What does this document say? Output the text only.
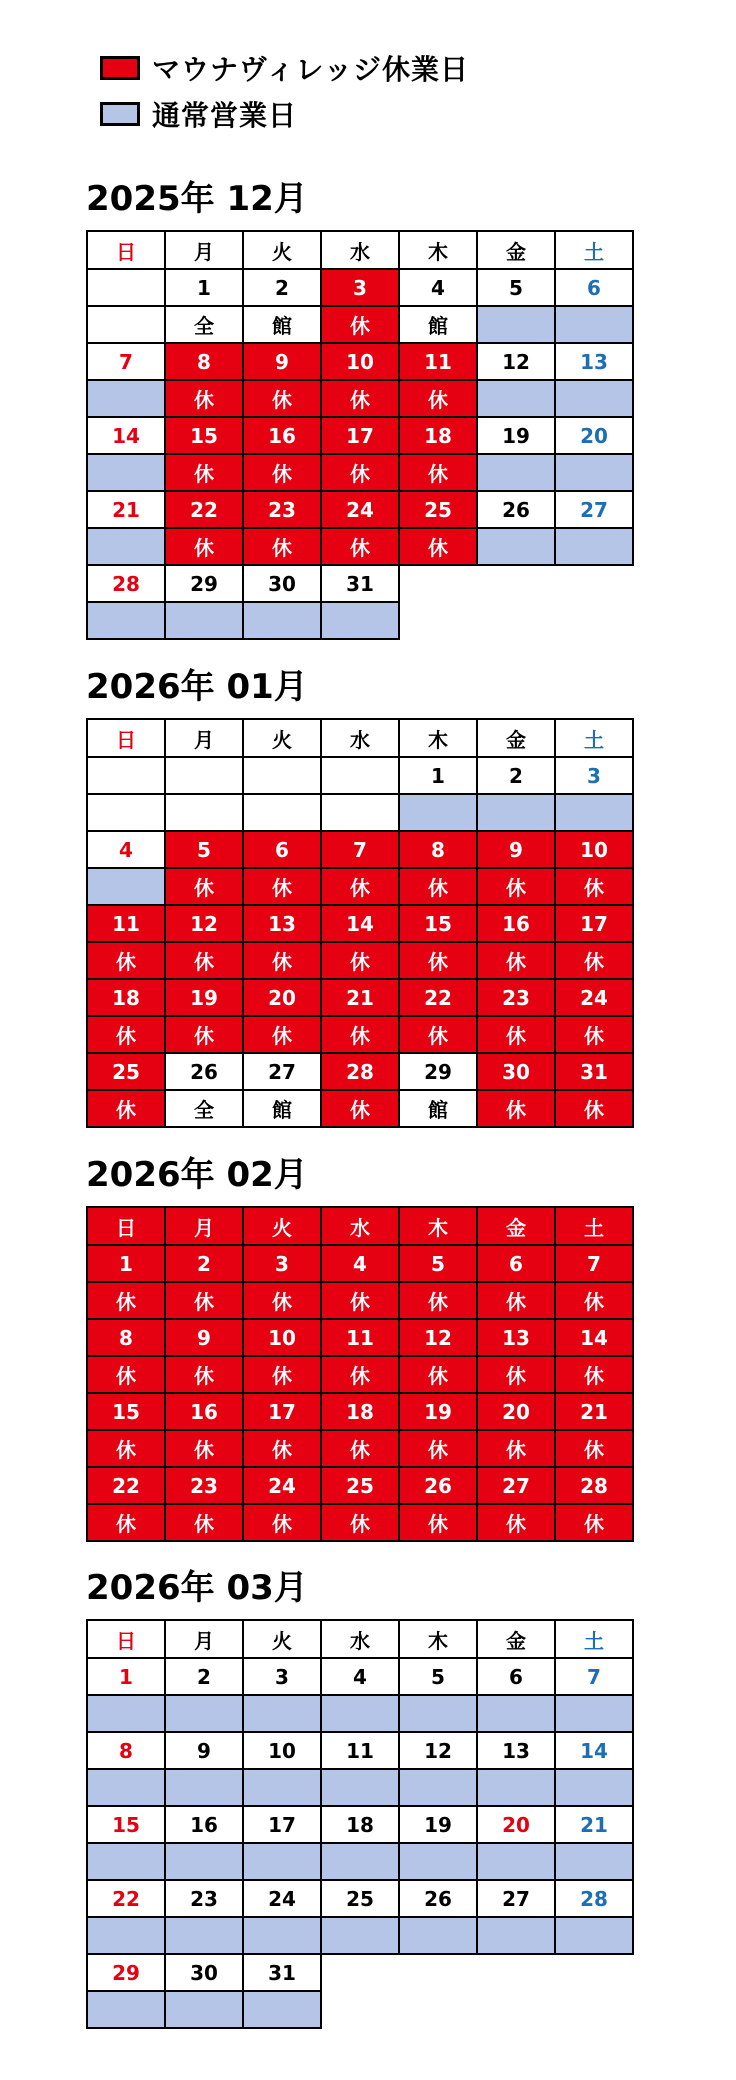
マウナヴィレッジ休業日
通常営業日
2025年 12月
日	月	火	水	木	金	土
	1	2	3	4	5	6
	全	館	休	館		
7	8	9	10	11	12	13
	休	休	休	休		
14	15	16	17	18	19	20
	休	休	休	休		
21	22	23	24	25	26	27
	休	休	休	休		
28	29	30	31			

2026年 01月
日	月	火	水	木	金	土
				1	2	3

4	5	6	7	8	9	10
	休	休	休	休	休	休
11	12	13	14	15	16	17
休	休	休	休	休	休	休
18	19	20	21	22	23	24
休	休	休	休	休	休	休
25	26	27	28	29	30	31
休	全	館	休	館	休	休
2026年 02月
日	月	火	水	木	金	土
1	2	3	4	5	6	7
休	休	休	休	休	休	休
8	9	10	11	12	13	14
休	休	休	休	休	休	休
15	16	17	18	19	20	21
休	休	休	休	休	休	休
22	23	24	25	26	27	28
休	休	休	休	休	休	休
2026年 03月
日	月	火	水	木	金	土
1	2	3	4	5	6	7

8	9	10	11	12	13	14

15	16	17	18	19	20	21

22	23	24	25	26	27	28

29	30	31				
